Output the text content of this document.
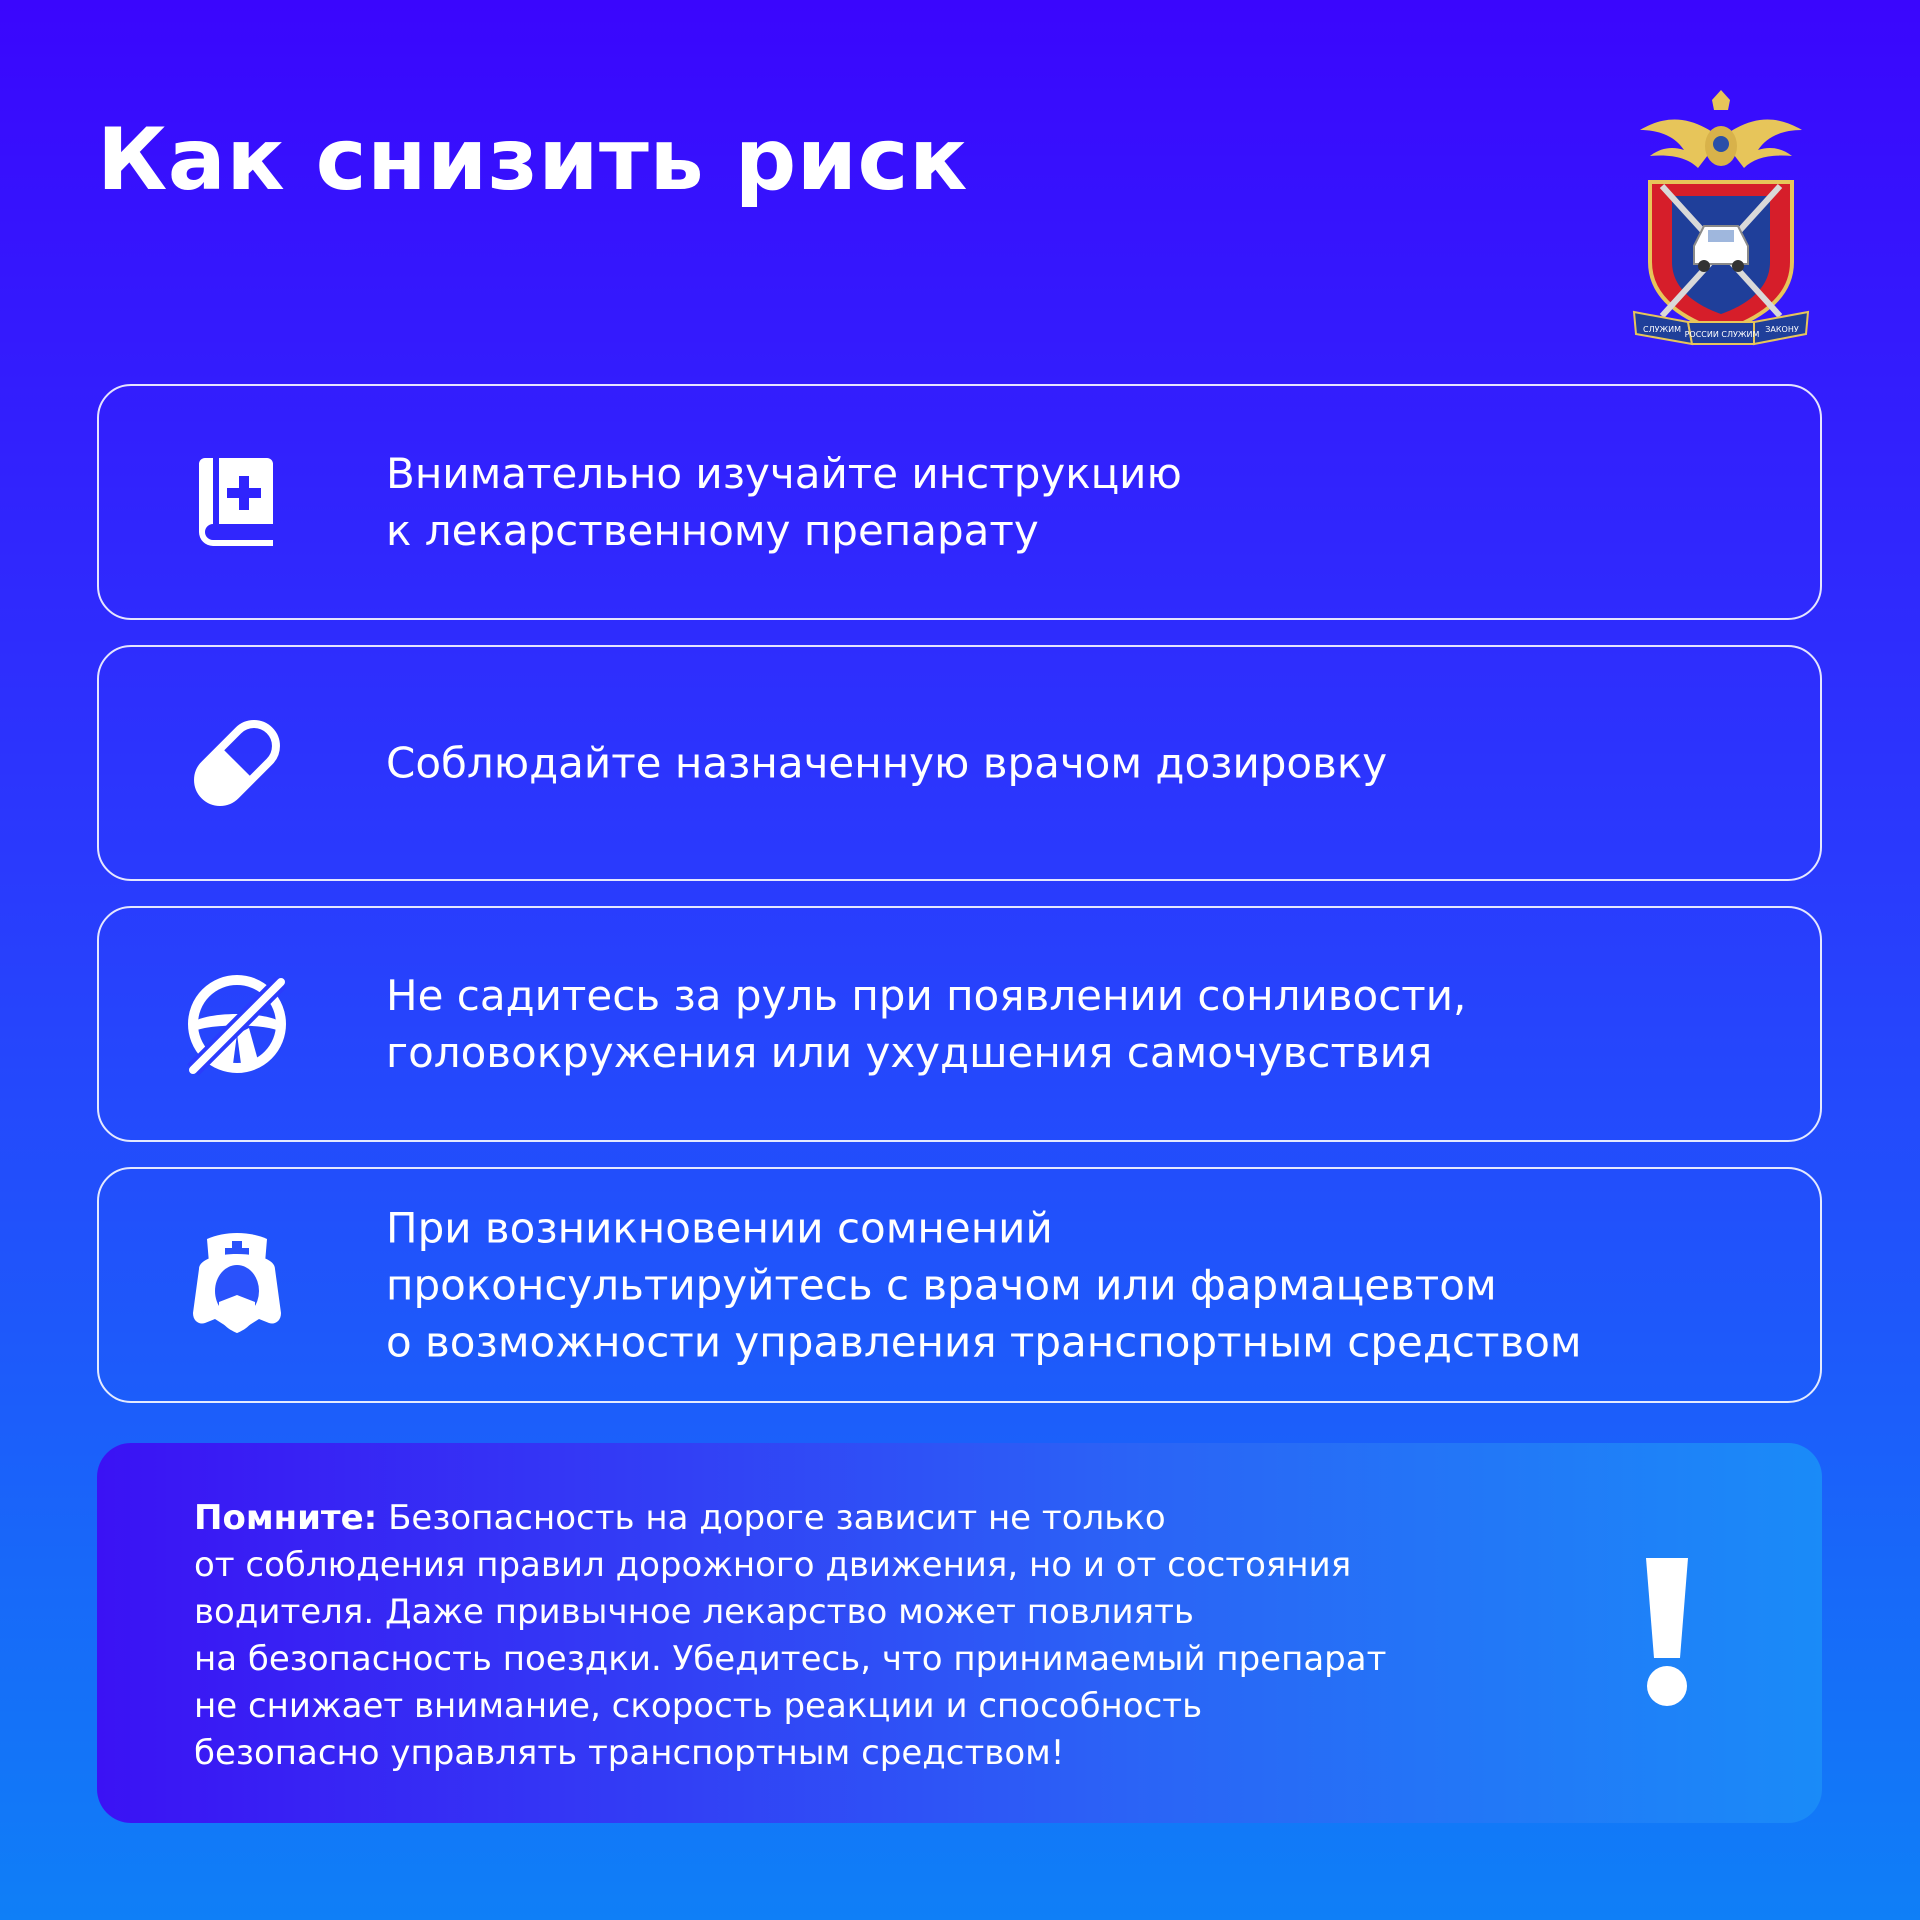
Как снизить риск
СЛУЖИМ
РОССИИ СЛУЖИМ
ЗАКОНУ
Внимательно изучайте инструкцию
к лекарственному препарату
Соблюдайте назначенную врачом дозировку
Не садитесь за руль при появлении сонливости,
головокружения или ухудшения самочувствия
При возникновении сомнений
проконсультируйтесь с врачом или фармацевтом
о возможности управления транспортным средством
Помните: Безопасность на дороге зависит не только
от соблюдения правил дорожного движения, но и от состояния
водителя. Даже привычное лекарство может повлиять
на безопасность поездки. Убедитесь, что принимаемый препарат
не снижает внимание, скорость реакции и способность
безопасно управлять транспортным средством!
